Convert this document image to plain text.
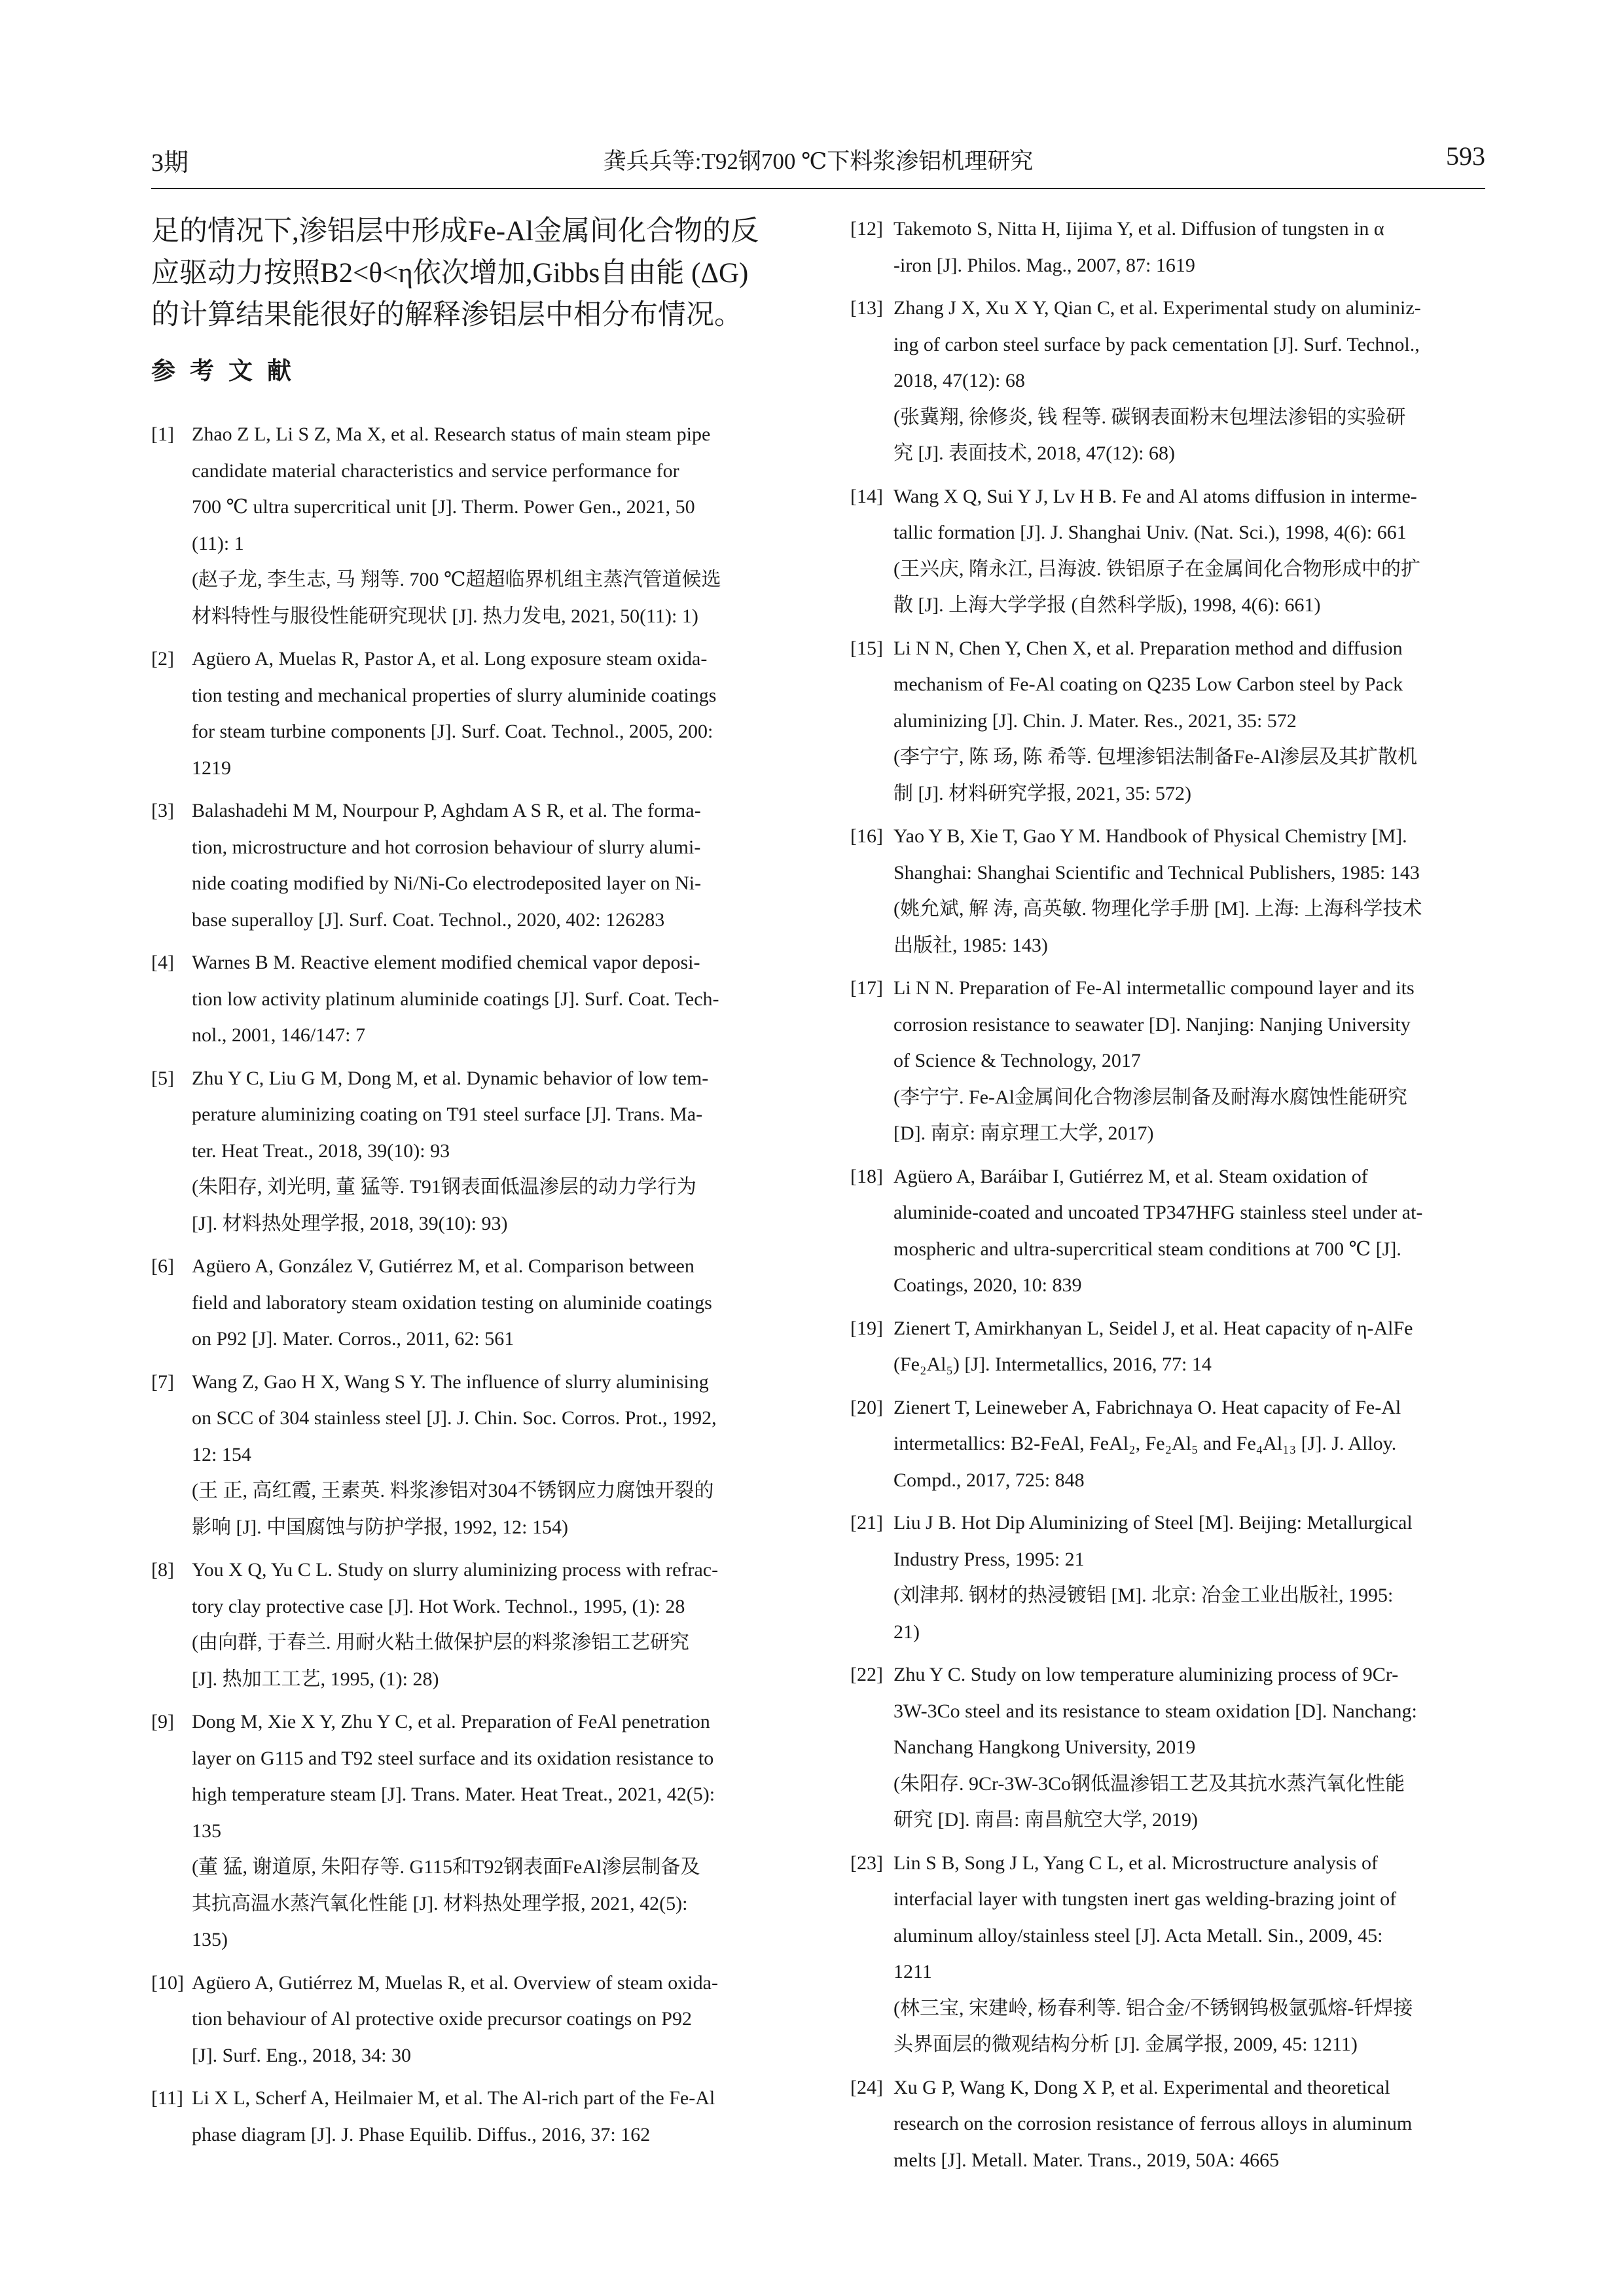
3期	龚兵兵等:T92钢700 ℃下料浆渗铝机理研究	593
足的情况下,渗铝层中形成Fe-Al金属间化合物的反
应驱动力按照B2<θ<η依次增加,Gibbs自由能 (ΔG)
的计算结果能很好的解释渗铝层中相分布情况。
参考文献
[1] Zhao Z L, Li S Z, Ma X, et al. Research status of main steam pipe
candidate material characteristics and service performance for
700 ℃ ultra supercritical unit [J]. Therm. Power Gen., 2021, 50
(11): 1
(赵子龙, 李生志, 马 翔等. 700 ℃超超临界机组主蒸汽管道候选
材料特性与服役性能研究现状 [J]. 热力发电, 2021, 50(11): 1)
[2] Agüero A, Muelas R, Pastor A, et al. Long exposure steam oxida-
tion testing and mechanical properties of slurry aluminide coatings
for steam turbine components [J]. Surf. Coat. Technol., 2005, 200:
1219
[3] Balashadehi M M, Nourpour P, Aghdam A S R, et al. The forma-
tion, microstructure and hot corrosion behaviour of slurry alumi-
nide coating modified by Ni/Ni-Co electrodeposited layer on Ni-
base superalloy [J]. Surf. Coat. Technol., 2020, 402: 126283
[4] Warnes B M. Reactive element modified chemical vapor deposi-
tion low activity platinum aluminide coatings [J]. Surf. Coat. Tech-
nol., 2001, 146/147: 7
[5] Zhu Y C, Liu G M, Dong M, et al. Dynamic behavior of low tem-
perature aluminizing coating on T91 steel surface [J]. Trans. Ma-
ter. Heat Treat., 2018, 39(10): 93
(朱阳存, 刘光明, 董 猛等. T91钢表面低温渗层的动力学行为
[J]. 材料热处理学报, 2018, 39(10): 93)
[6] Agüero A, González V, Gutiérrez M, et al. Comparison between
field and laboratory steam oxidation testing on aluminide coatings
on P92 [J]. Mater. Corros., 2011, 62: 561
[7] Wang Z, Gao H X, Wang S Y. The influence of slurry aluminising
on SCC of 304 stainless steel [J]. J. Chin. Soc. Corros. Prot., 1992,
12: 154
(王 正, 高红霞, 王素英. 料浆渗铝对304不锈钢应力腐蚀开裂的
影响 [J]. 中国腐蚀与防护学报, 1992, 12: 154)
[8] You X Q, Yu C L. Study on slurry aluminizing process with refrac-
tory clay protective case [J]. Hot Work. Technol., 1995, (1): 28
(由向群, 于春兰. 用耐火粘土做保护层的料浆渗铝工艺研究
[J]. 热加工工艺, 1995, (1): 28)
[9] Dong M, Xie X Y, Zhu Y C, et al. Preparation of FeAl penetration
layer on G115 and T92 steel surface and its oxidation resistance to
high temperature steam [J]. Trans. Mater. Heat Treat., 2021, 42(5):
135
(董 猛, 谢道原, 朱阳存等. G115和T92钢表面FeAl渗层制备及
其抗高温水蒸汽氧化性能 [J]. 材料热处理学报, 2021, 42(5):
135)
[10] Agüero A, Gutiérrez M, Muelas R, et al. Overview of steam oxida-
tion behaviour of Al protective oxide precursor coatings on P92
[J]. Surf. Eng., 2018, 34: 30
[11] Li X L, Scherf A, Heilmaier M, et al. The Al-rich part of the Fe-Al
phase diagram [J]. J. Phase Equilib. Diffus., 2016, 37: 162
[12] Takemoto S, Nitta H, Iijima Y, et al. Diffusion of tungsten in α
-iron [J]. Philos. Mag., 2007, 87: 1619
[13] Zhang J X, Xu X Y, Qian C, et al. Experimental study on aluminiz-
ing of carbon steel surface by pack cementation [J]. Surf. Technol.,
2018, 47(12): 68
(张冀翔, 徐修炎, 钱 程等. 碳钢表面粉末包埋法渗铝的实验研
究 [J]. 表面技术, 2018, 47(12): 68)
[14] Wang X Q, Sui Y J, Lv H B. Fe and Al atoms diffusion in interme-
tallic formation [J]. J. Shanghai Univ. (Nat. Sci.), 1998, 4(6): 661
(王兴庆, 隋永江, 吕海波. 铁铝原子在金属间化合物形成中的扩
散 [J]. 上海大学学报 (自然科学版), 1998, 4(6): 661)
[15] Li N N, Chen Y, Chen X, et al. Preparation method and diffusion
mechanism of Fe-Al coating on Q235 Low Carbon steel by Pack
aluminizing [J]. Chin. J. Mater. Res., 2021, 35: 572
(李宁宁, 陈 玚, 陈 希等. 包埋渗铝法制备Fe-Al渗层及其扩散机
制 [J]. 材料研究学报, 2021, 35: 572)
[16] Yao Y B, Xie T, Gao Y M. Handbook of Physical Chemistry [M].
Shanghai: Shanghai Scientific and Technical Publishers, 1985: 143
(姚允斌, 解 涛, 高英敏. 物理化学手册 [M]. 上海: 上海科学技术
出版社, 1985: 143)
[17] Li N N. Preparation of Fe-Al intermetallic compound layer and its
corrosion resistance to seawater [D]. Nanjing: Nanjing University
of Science & Technology, 2017
(李宁宁. Fe-Al金属间化合物渗层制备及耐海水腐蚀性能研究
[D]. 南京: 南京理工大学, 2017)
[18] Agüero A, Baráibar I, Gutiérrez M, et al. Steam oxidation of
aluminide-coated and uncoated TP347HFG stainless steel under at-
mospheric and ultra-supercritical steam conditions at 700 ℃ [J].
Coatings, 2020, 10: 839
[19] Zienert T, Amirkhanyan L, Seidel J, et al. Heat capacity of η-AlFe
(Fe₂Al₅) [J]. Intermetallics, 2016, 77: 14
[20] Zienert T, Leineweber A, Fabrichnaya O. Heat capacity of Fe-Al
intermetallics: B2-FeAl, FeAl₂, Fe₂Al₅ and Fe₄Al₁₃ [J]. J. Alloy.
Compd., 2017, 725: 848
[21] Liu J B. Hot Dip Aluminizing of Steel [M]. Beijing: Metallurgical
Industry Press, 1995: 21
(刘津邦. 钢材的热浸镀铝 [M]. 北京: 冶金工业出版社, 1995:
21)
[22] Zhu Y C. Study on low temperature aluminizing process of 9Cr-
3W-3Co steel and its resistance to steam oxidation [D]. Nanchang:
Nanchang Hangkong University, 2019
(朱阳存. 9Cr-3W-3Co钢低温渗铝工艺及其抗水蒸汽氧化性能
研究 [D]. 南昌: 南昌航空大学, 2019)
[23] Lin S B, Song J L, Yang C L, et al. Microstructure analysis of
interfacial layer with tungsten inert gas welding-brazing joint of
aluminum alloy/stainless steel [J]. Acta Metall. Sin., 2009, 45:
1211
(林三宝, 宋建岭, 杨春利等. 铝合金/不锈钢钨极氩弧熔-钎焊接
头界面层的微观结构分析 [J]. 金属学报, 2009, 45: 1211)
[24] Xu G P, Wang K, Dong X P, et al. Experimental and theoretical
research on the corrosion resistance of ferrous alloys in aluminum
melts [J]. Metall. Mater. Trans., 2019, 50A: 4665
